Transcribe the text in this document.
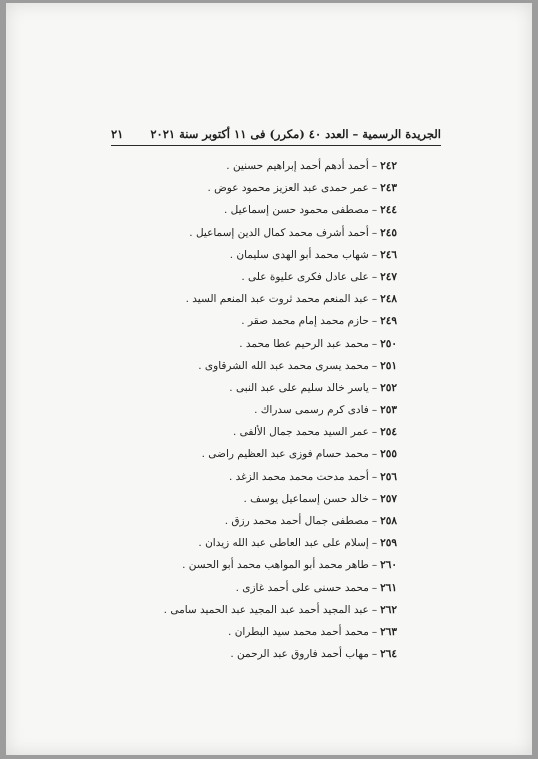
الجريدة الرسمية – العدد ٤٠ (مكرر) فى ١١ أكتوبر سنة ٢٠٢١
٢١
٢٤٢–أحمد أدهم أحمد إبراهيم حسنين .
٢٤٣–عمر حمدى عبد العزيز محمود عوض .
٢٤٤–مصطفى محمود حسن إسماعيل .
٢٤٥–أحمد أشرف محمد كمال الدين إسماعيل .
٢٤٦–شهاب محمد أبو الهدى سليمان .
٢٤٧–على عادل فكرى عليوة على .
٢٤٨–عبد المنعم محمد ثروت عبد المنعم السيد .
٢٤٩–حازم محمد إمام محمد صقر .
٢٥٠–محمد عبد الرحيم عطا محمد .
٢٥١–محمد يسرى محمد عبد الله الشرقاوى .
٢٥٢–ياسر خالد سليم على عبد النبى .
٢٥٣–فادى كرم رسمى سدراك .
٢٥٤–عمر السيد محمد جمال الألفى .
٢٥٥–محمد حسام فوزى عبد العظيم راضى .
٢٥٦–أحمد مدحت محمد محمد الزغد .
٢٥٧–خالد حسن إسماعيل يوسف .
٢٥٨–مصطفى جمال أحمد محمد رزق .
٢٥٩–إسلام على عبد العاطى عبد الله زيدان .
٢٦٠–طاهر محمد أبو المواهب محمد أبو الحسن .
٢٦١–محمد حسنى على أحمد غازى .
٢٦٢–عبد المجيد أحمد عبد المجيد عبد الحميد سامى .
٢٦٣–محمد أحمد محمد سيد البطران .
٢٦٤–مهاب أحمد فاروق عبد الرحمن .
